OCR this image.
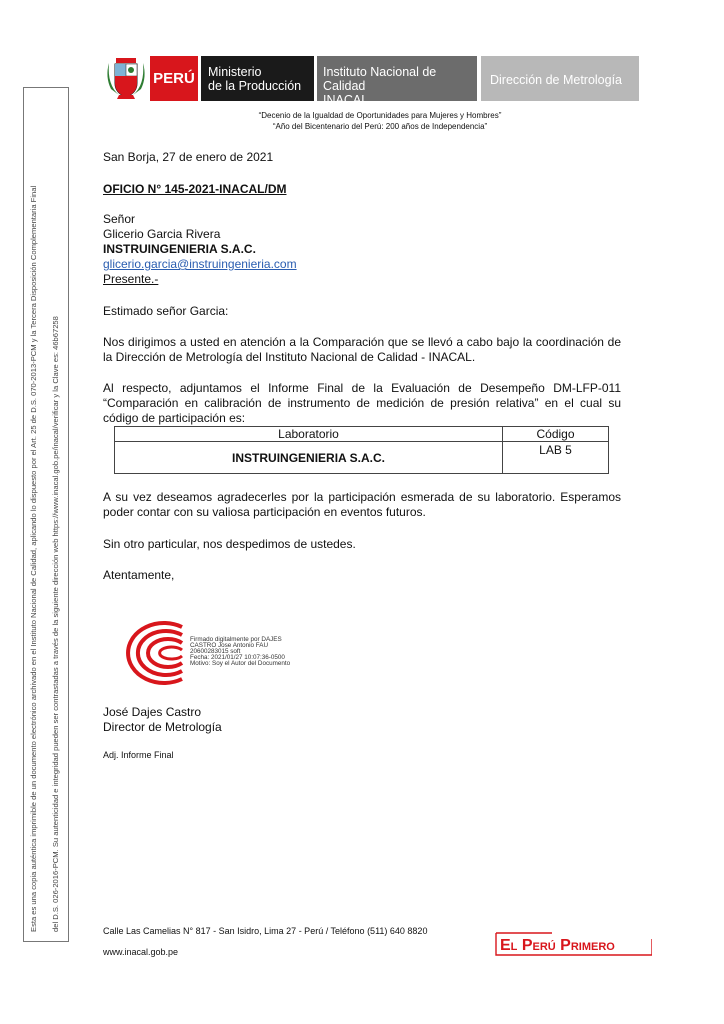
Esta es una copia auténtica imprimible de un documento electrónico archivado en el Instituto Nacional de Calidad, aplicando lo dispuesto por el Art. 25 de D.S. 070-2013-PCM y la Tercera Disposición Complementaria Final del D.S. 026-2016-PCM. Su autenticidad e integridad pueden ser contrastadas a través de la siguiente dirección web https://www.inacal.gob.pe/inacal/verificar y la Clave es: 46b67258
PERÚ Ministerio
de la Producción
Instituto Nacional de Calidad
INACAL
Dirección de Metrología
“Decenio de la Igualdad de Oportunidades para Mujeres y Hombres”
“Año del Bicentenario del Perú: 200 años de Independencia”
San Borja, 27 de enero de 2021
OFICIO N° 145-2021-INACAL/DM
Señor
Glicerio Garcia Rivera
INSTRUINGENIERIA S.A.C.
glicerio.garcia@instruingenieria.com
Presente.-
Estimado señor Garcia:
Nos dirigimos a usted en atención a la Comparación que se llevó a cabo bajo la coordinación de la Dirección de Metrología del Instituto Nacional de Calidad - INACAL.
Al respecto, adjuntamos el Informe Final de la Evaluación de Desempeño DM-LFP-011 “Comparación en calibración de instrumento de medición de presión relativa” en el cual su código de participación es:
Laboratorio	Código
INSTRUINGENIERIA S.A.C.	LAB 5
A su vez deseamos agradecerles por la participación esmerada de su laboratorio. Esperamos poder contar con su valiosa participación en eventos futuros.
Sin otro particular, nos despedimos de ustedes.
Atentamente,
Firmado digitalmente por DAJES
CASTRO Jose Antonio FAU
20600283015 soft
Fecha: 2021/01/27 10:07:36-0500
Motivo: Soy el Autor del Documento
José Dajes Castro
Director de Metrología
Adj. Informe Final
Calle Las Camelias N° 817 - San Isidro, Lima 27 - Perú / Teléfono (511) 640 8820
www.inacal.gob.pe	El Perú Primero
